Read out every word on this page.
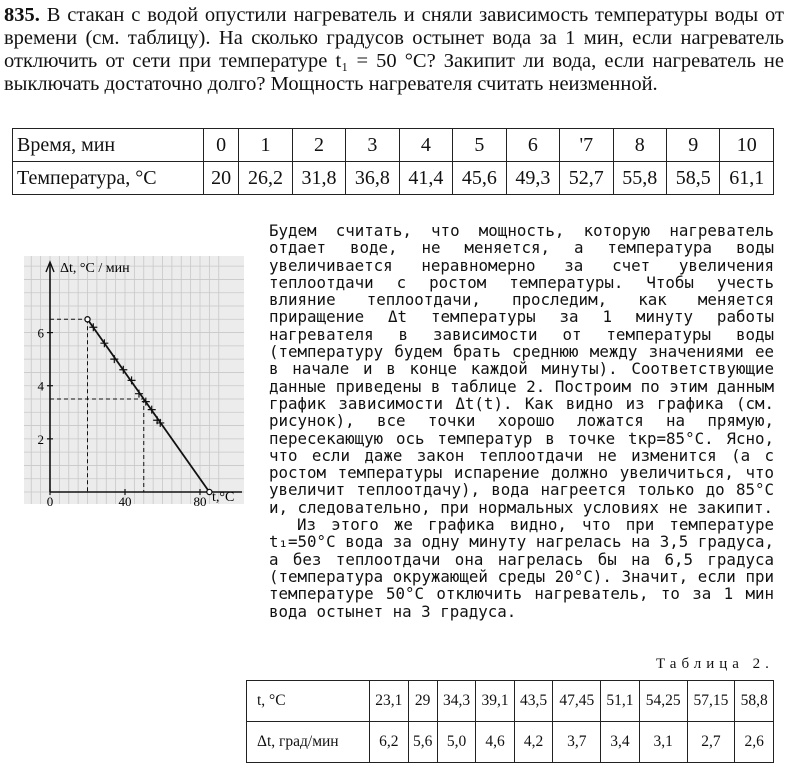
835. В стакан с водой опустили нагреватель и сняли зависимость температуры воды от времени (см. таблицу). На сколько градусов остынет вода за 1 мин, если нагреватель отключить от сети при температуре t₁ = 50 °С? Закипит ли вода, если нагреватель не выключать достаточно долго? Мощность нагревателя считать неизменной.
Время, мин	0	1	2	3	4	5	6	'7	8	9	10
Температура, °С	20	26,2	31,8	36,8	41,4	45,6	49,3	52,7	55,8	58,5	61,1
0	40	80
2
4
6
Δt, °С / мин
t,°С

Будем считать, что мощность, которую нагреватель отдает воде, не меняется, а температура воды увеличивается неравномерно за счет увеличения теплоотдачи с ростом температуры. Чтобы учесть влияние теплоотдачи, проследим, как меняется приращение Δt температуры за 1 минуту работы нагревателя в зависимости от температуры воды (температуру будем брать среднюю между значениями ее в начале и в конце каждой минуты). Соответствующие данные приведены в таблице 2. Построим по этим данным график зависимости Δt(t). Как видно из графика (см. рисунок), все точки хорошо ложатся на прямую, пересекающую ось температур в точке tкр=85°С. Ясно, что если даже закон теплоотдачи не изменится (а с ростом температуры испарение должно увеличиться, что увеличит теплоотдачу), вода нагреется только до 85°С и, следовательно, при нормальных условиях не закипит.

Из этого же графика видно, что при температуре t₁=50°С вода за одну минуту нагрелась на 3,5 градуса, а без теплоотдачи она нагрелась бы на 6,5 градуса (температура окружающей среды 20°С). Значит, если при температуре 50°С отключить нагреватель, то за 1 мин вода остынет на 3 градуса.

Таблица 2.
t, °С	23,1	29	34,3	39,1	43,5	47,45	51,1	54,25	57,15	58,8
Δt, град/мин	6,2	5,6	5,0	4,6	4,2	3,7	3,4	3,1	2,7	2,6
